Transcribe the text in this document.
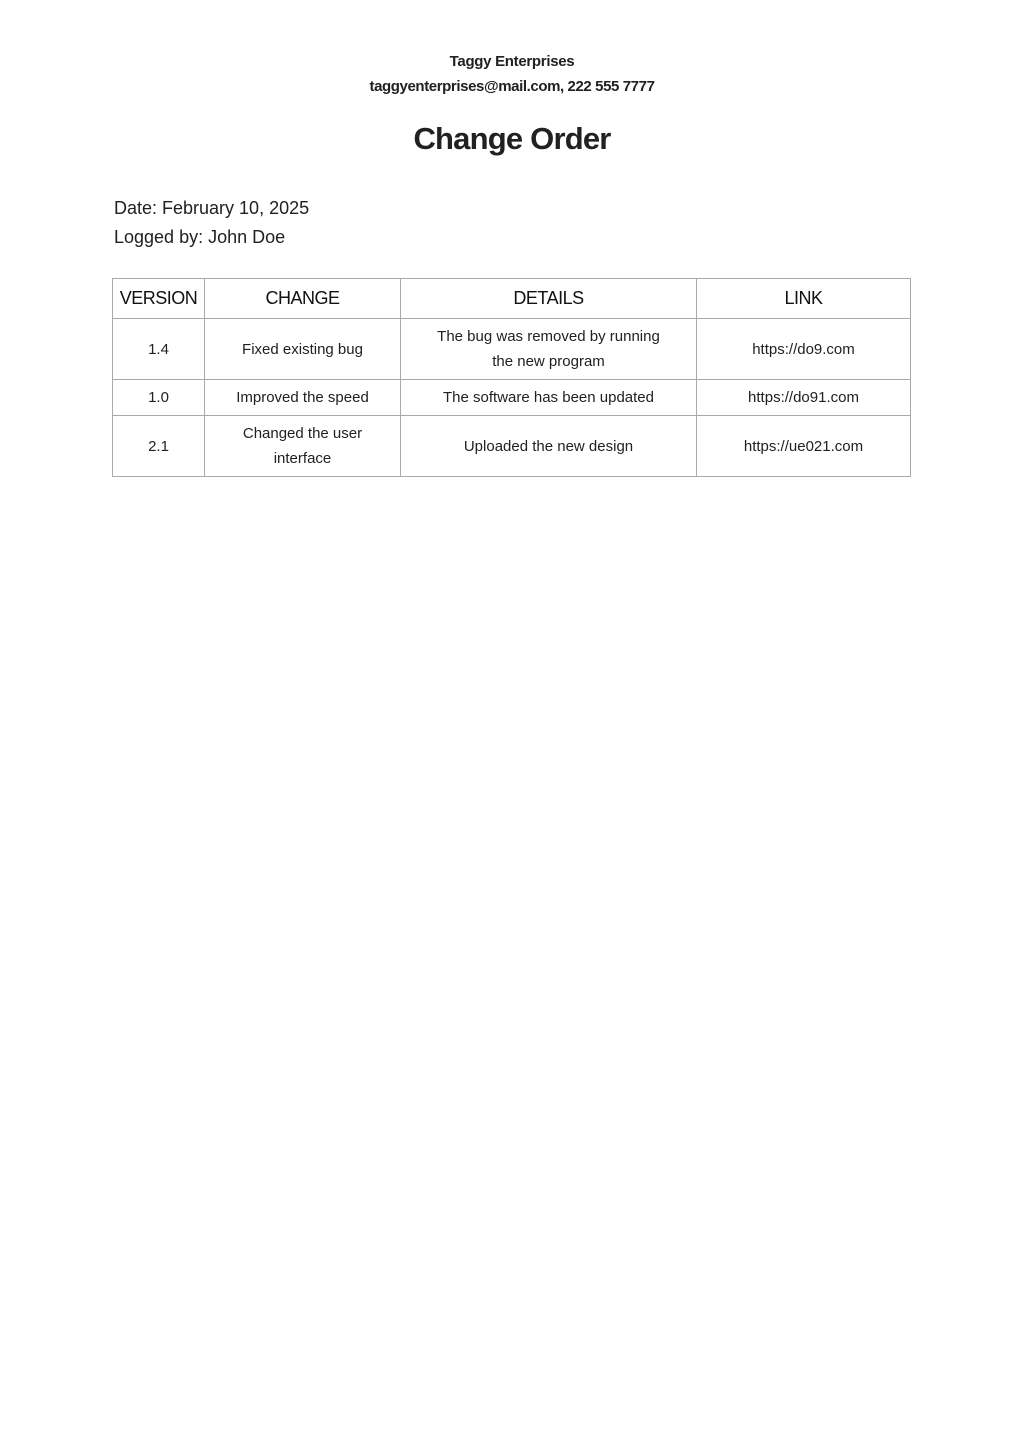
Taggy Enterprises
taggyenterprises@mail.com, 222 555 7777
Change Order
Date: February 10, 2025
Logged by: John Doe
VERSION	CHANGE	DETAILS	LINK
1.4	Fixed existing bug	The bug was removed by running the new program	https://do9.com
1.0	Improved the speed	The software has been updated	https://do91.com
2.1	Changed the user interface	Uploaded the new design	https://ue021.com
